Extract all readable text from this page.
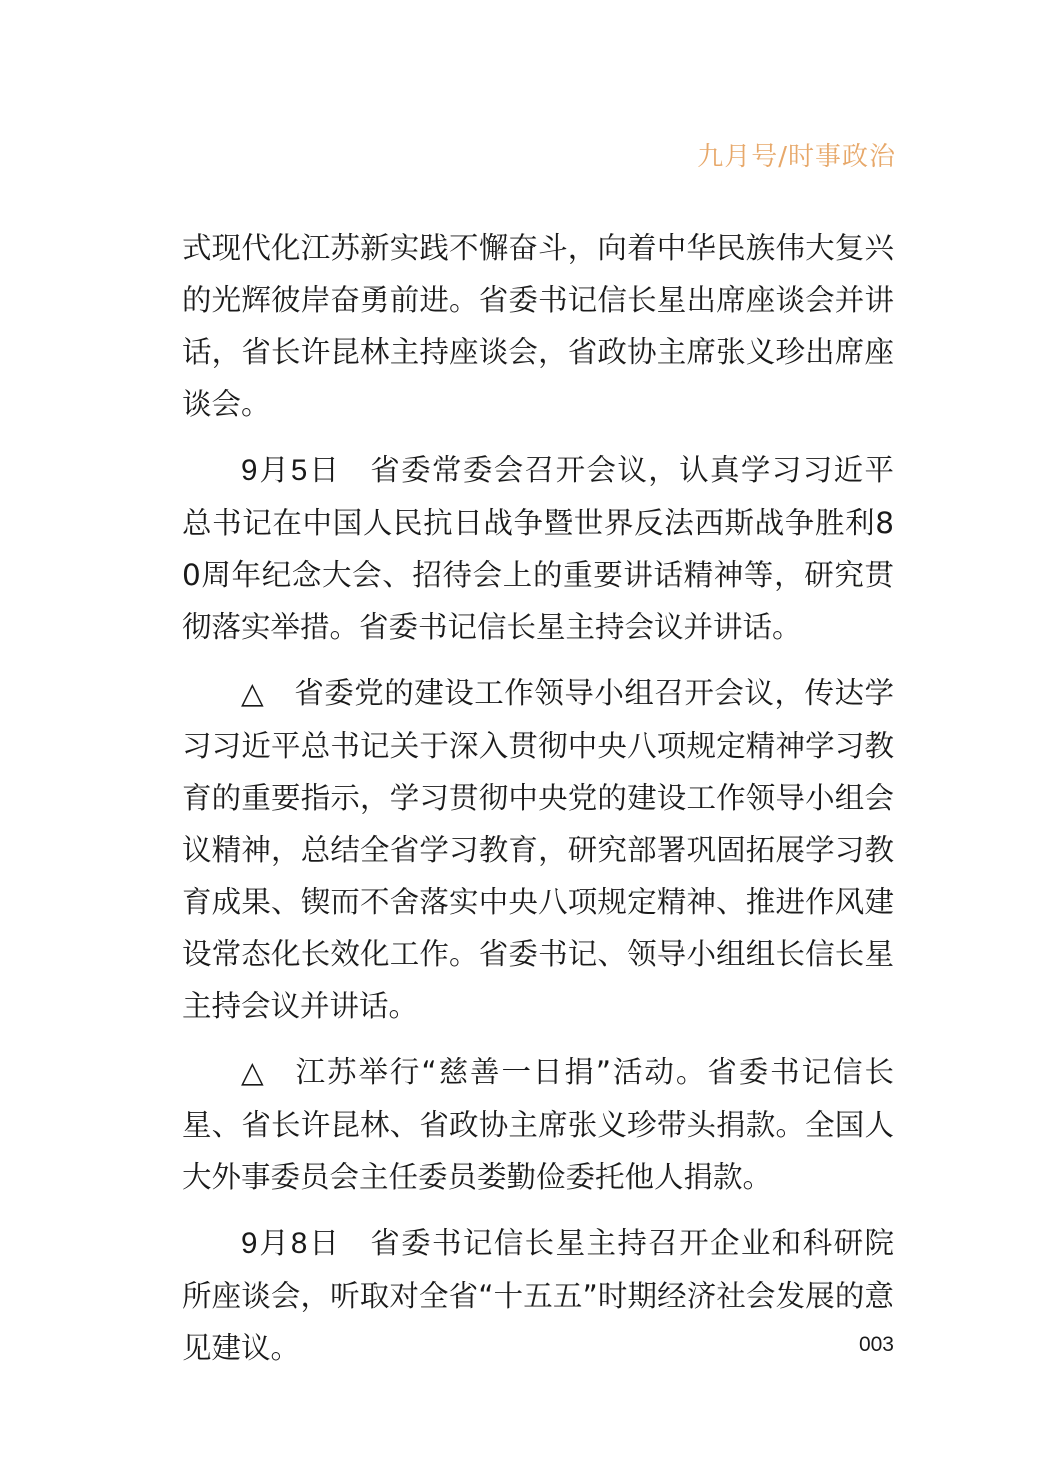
九月号/时事政治

式现代化江苏新实践不懈奋斗，向着中华民族伟大复兴的光辉彼岸奋勇前进。省委书记信长星出席座谈会并讲话，省长许昆林主持座谈会，省政协主席张义珍出席座谈会。

9月5日 省委常委会召开会议，认真学习习近平总书记在中国人民抗日战争暨世界反法西斯战争胜利80周年纪念大会、招待会上的重要讲话精神等，研究贯彻落实举措。省委书记信长星主持会议并讲话。

△ 省委党的建设工作领导小组召开会议，传达学习习近平总书记关于深入贯彻中央八项规定精神学习教育的重要指示，学习贯彻中央党的建设工作领导小组会议精神，总结全省学习教育，研究部署巩固拓展学习教育成果、锲而不舍落实中央八项规定精神、推进作风建设常态化长效化工作。省委书记、领导小组组长信长星主持会议并讲话。

△ 江苏举行“慈善一日捐”活动。省委书记信长星、省长许昆林、省政协主席张义珍带头捐款。全国人大外事委员会主任委员娄勤俭委托他人捐款。

9月8日 省委书记信长星主持召开企业和科研院所座谈会，听取对全省“十五五”时期经济社会发展的意见建议。	003
